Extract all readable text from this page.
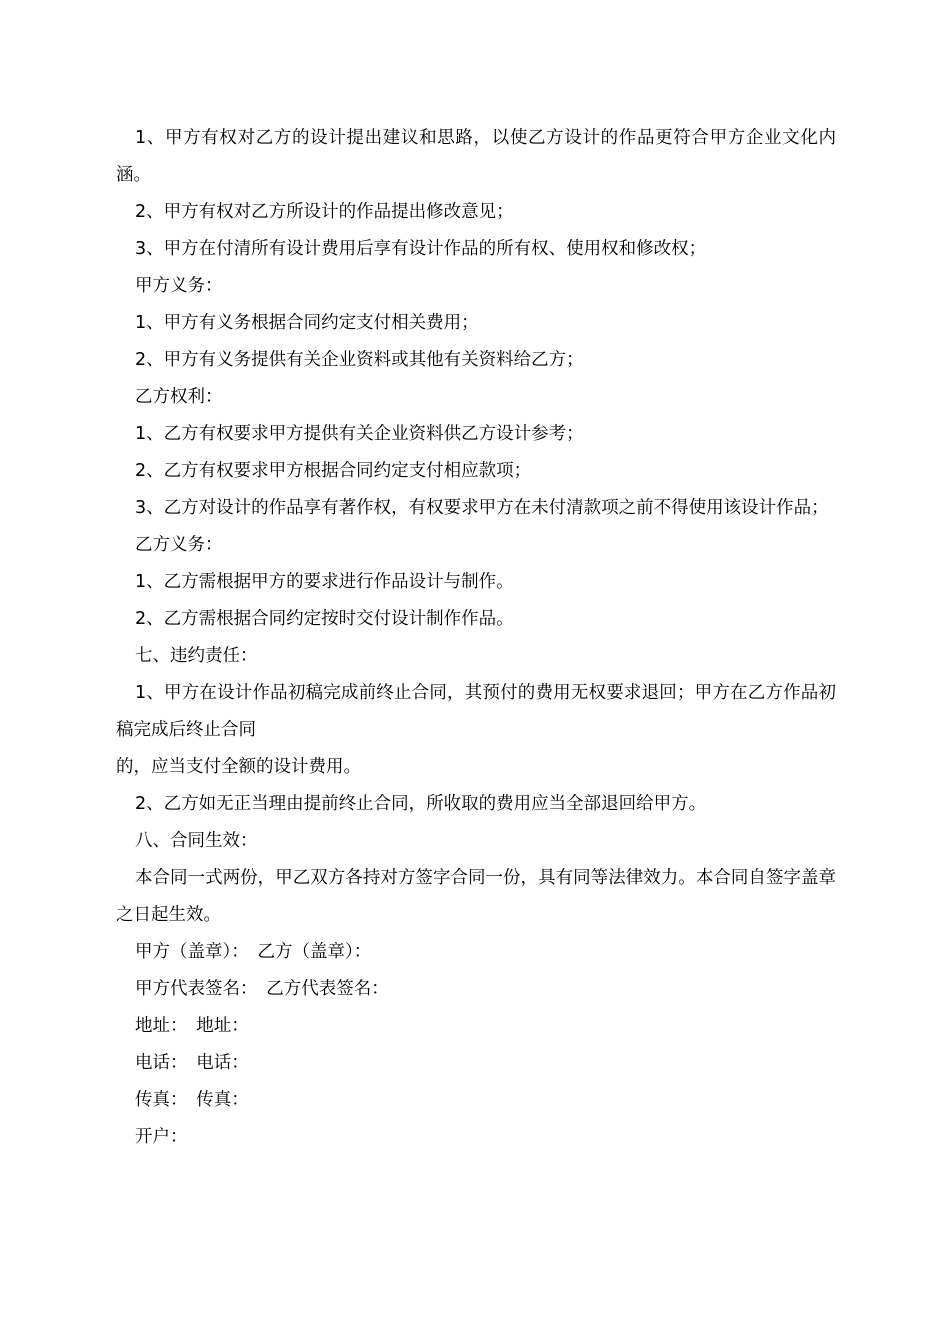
1、甲方有权对乙方的设计提出建议和思路，以使乙方设计的作品更符合甲方企业文化内涵。
2、甲方有权对乙方所设计的作品提出修改意见；
3、甲方在付清所有设计费用后享有设计作品的所有权、使用权和修改权；
甲方义务：
1、甲方有义务根据合同约定支付相关费用；
2、甲方有义务提供有关企业资料或其他有关资料给乙方；
乙方权利：
1、乙方有权要求甲方提供有关企业资料供乙方设计参考；
2、乙方有权要求甲方根据合同约定支付相应款项；
3、乙方对设计的作品享有著作权，有权要求甲方在未付清款项之前不得使用该设计作品；
乙方义务：
1、乙方需根据甲方的要求进行作品设计与制作。
2、乙方需根据合同约定按时交付设计制作作品。
七、违约责任：
1、甲方在设计作品初稿完成前终止合同，其预付的费用无权要求退回；甲方在乙方作品初稿完成后终止合同
的，应当支付全额的设计费用。
2、乙方如无正当理由提前终止合同，所收取的费用应当全部退回给甲方。
八、合同生效：
本合同一式两份，甲乙双方各持对方签字合同一份，具有同等法律效力。本合同自签字盖章之日起生效。
甲方（盖章）：　乙方（盖章）：
甲方代表签名：　乙方代表签名：
地址：　地址：
电话：　电话：
传真：　传真：
开户：
